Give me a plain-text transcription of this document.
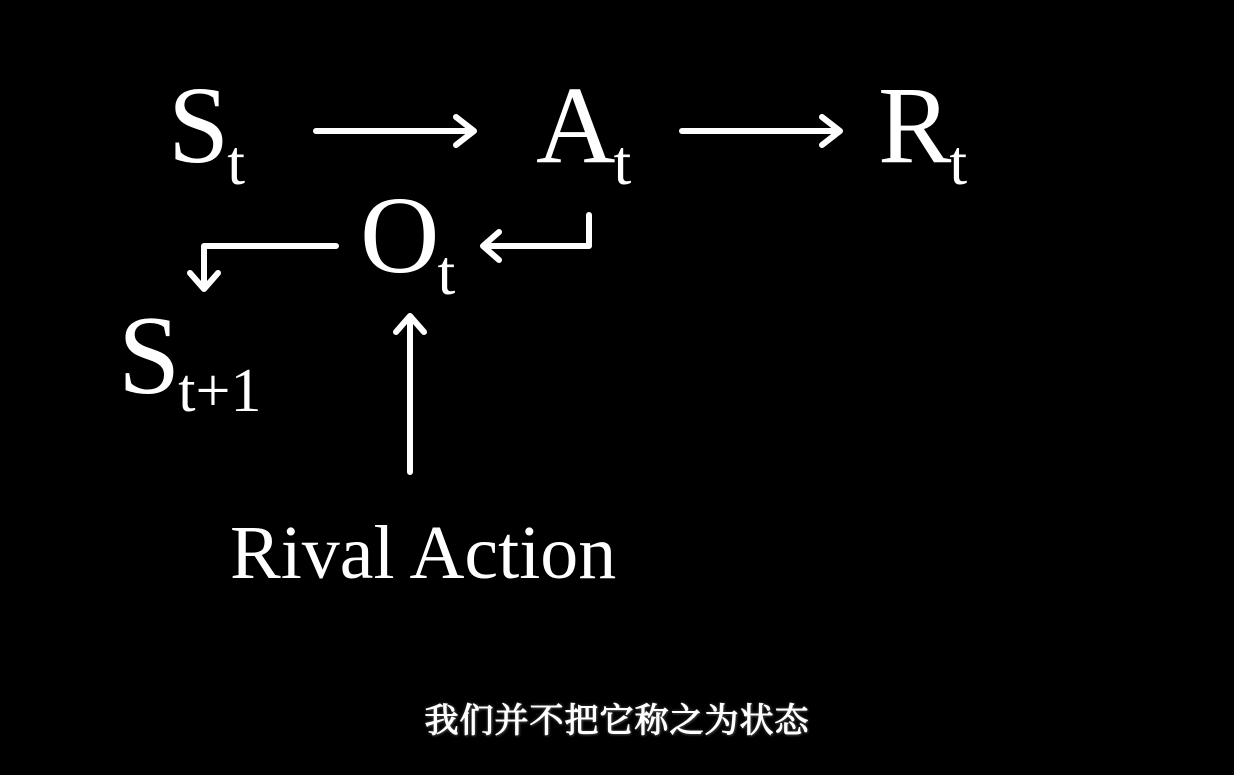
St	At Rt
Ot
St+1
Rival Action
我们并不把它称之为状态
